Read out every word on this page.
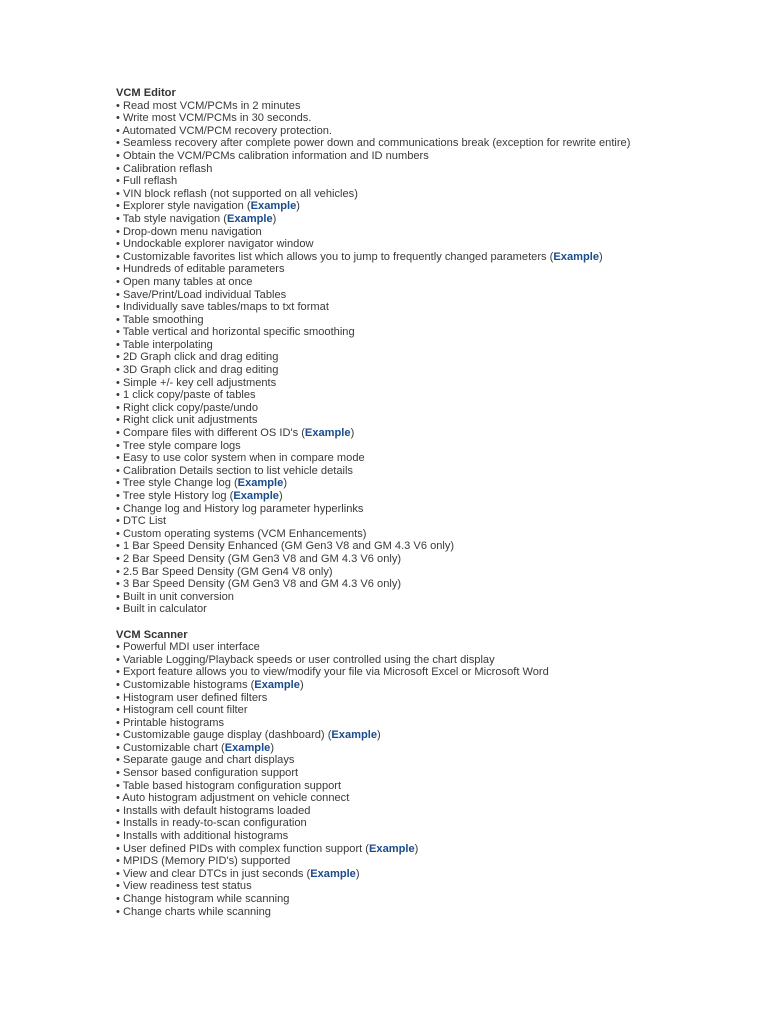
VCM Editor
• Read most VCM/PCMs in 2 minutes
• Write most VCM/PCMs in 30 seconds.
• Automated VCM/PCM recovery protection.
• Seamless recovery after complete power down and communications break (exception for rewrite entire)
• Obtain the VCM/PCMs calibration information and ID numbers
• Calibration reflash
• Full reflash
• VIN block reflash (not supported on all vehicles)
• Explorer style navigation (Example)
• Tab style navigation (Example)
• Drop-down menu navigation
• Undockable explorer navigator window
• Customizable favorites list which allows you to jump to frequently changed parameters (Example)
• Hundreds of editable parameters
• Open many tables at once
• Save/Print/Load individual Tables
• Individually save tables/maps to txt format
• Table smoothing
• Table vertical and horizontal specific smoothing
• Table interpolating
• 2D Graph click and drag editing
• 3D Graph click and drag editing
• Simple +/- key cell adjustments
• 1 click copy/paste of tables
• Right click copy/paste/undo
• Right click unit adjustments
• Compare files with different OS ID's (Example)
• Tree style compare logs
• Easy to use color system when in compare mode
• Calibration Details section to list vehicle details
• Tree style Change log (Example)
• Tree style History log (Example)
• Change log and History log parameter hyperlinks
• DTC List
• Custom operating systems (VCM Enhancements)
• 1 Bar Speed Density Enhanced (GM Gen3 V8 and GM 4.3 V6 only)
• 2 Bar Speed Density (GM Gen3 V8 and GM 4.3 V6 only)
• 2.5 Bar Speed Density (GM Gen4 V8 only)
• 3 Bar Speed Density (GM Gen3 V8 and GM 4.3 V6 only)
• Built in unit conversion
• Built in calculator
VCM Scanner
• Powerful MDI user interface
• Variable Logging/Playback speeds or user controlled using the chart display
• Export feature allows you to view/modify your file via Microsoft Excel or Microsoft Word
• Customizable histograms (Example)
• Histogram user defined filters
• Histogram cell count filter
• Printable histograms
• Customizable gauge display (dashboard) (Example)
• Customizable chart (Example)
• Separate gauge and chart displays
• Sensor based configuration support
• Table based histogram configuration support
• Auto histogram adjustment on vehicle connect
• Installs with default histograms loaded
• Installs in ready-to-scan configuration
• Installs with additional histograms
• User defined PIDs with complex function support (Example)
• MPIDS (Memory PID's) supported
• View and clear DTCs in just seconds (Example)
• View readiness test status
• Change histogram while scanning
• Change charts while scanning
